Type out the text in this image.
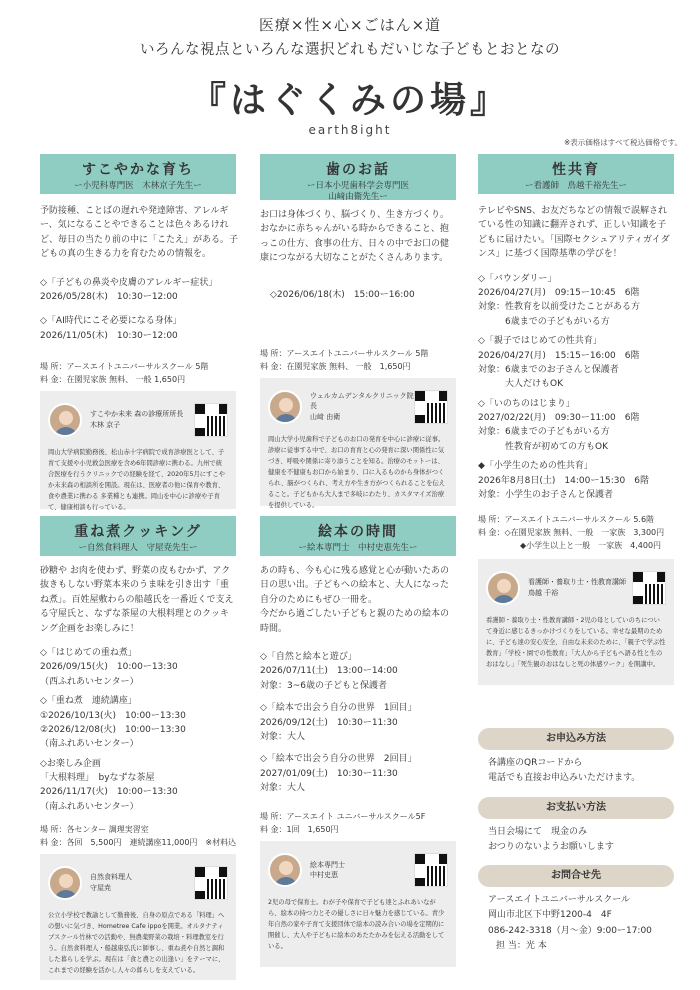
医療×性×心×ごはん×道
いろんな視点といろんな選択どれもだいじな子どもとおとなの
『はぐくみの場』
earth8ight
※表示価格はすべて税込価格です。
すこやかな育ち
ー小児科専門医　木林京子先生ー
予防接種、ことばの遅れや発達障害、アレルギー、気になることやできることは色々あるけれど、毎日の当たり前の中に「こたえ」がある。子どもの真の生きる力を育むための情報を。
◇「子どもの鼻炎や皮膚のアレルギー症状」
2026/05/28(木)　10:30ー12:00
◇「AI時代にこそ必要になる身体」
2026/11/05(木)　10:30ー12:00
場 所：アースエイトユニバーサルスクール 5階
料 金：在園児家族 無料、 一般 1,650円
すこやか未来 森の診療所所長
木林 京子
岡山大学病院勤務後、松山赤十字病院で成育診療医として、子育て支援や小児救急医療を含め6年間診療に携わる。九州で統合医療を行うクリニックでの経験を経て、2020年5月にすこやか未来森の相談所を開設。現在は、医療者の他に保育や教育、食や農業に携わる 多業種とも連携。岡山を中心に診療や子育て、健康相談も行っている。
歯のお話
ー日本小児歯科学会専門医
山﨑由衛先生ー
お口は身体づくり、脳づくり、生き方づくり。おなかに赤ちゃんがいる時からできること、抱っこの仕方、食事の仕方、日々の中でお口の健康につながる大切なことがたくさんあります。
◇2026/06/18(木)　15:00ー16:00
場 所：アースエイトユニバーサルスクール 5階
料 金：在園児家族 無料、 一般　1,650円
ウェルカムデンタルクリニック院長
山﨑 由衛
岡山大学小児歯科で子どものお口の発育を中心に診療に従事。診療に従事する中で、お口の育育と心の発育に深い関係性に気づき、呼吸や関係に寄り添うことを知る。治療のモットーは、健康を不健康もお口から始まり、口に入るものから身体がつくられ、脳がつくられ、考え方や生き方がつくられることを伝えること。子どもから大人まで多岐にわたり、カスタマイズ治療を提供している。
性共育
ー看護師　鳥越千裕先生ー
テレビやSNS、お友だちなどの情報で誤解されている性の知識に翻弄されず、正しい知識を子どもに届けたい。「国際セクシュアリティガイダンス」に基づく国際基準の学びを！
◇「バウンダリー」
2026/04/27(月)　09:15ー10:45　6階
対象：性教育を以前受けたことがある方
　　　6歳までの子どもがいる方
◇「親子ではじめての性共育」
2026/04/27(月)　15:15ー16:00　6階
対象：6歳までのお子さんと保護者
　　　大人だけもOK
◇「いのちのはじまり」
2027/02/22(月)　09:30ー11:00　6階
対象：6歳までの子どもがいる方
　　　性教育が初めての方もOK
◆「小学生のための性共育」
2026年8月8日(土)　14:00ー15:30　6階
対象：小学生のお子さんと保護者
場 所：アースエイトユニバーサルスクール 5.6階
料 金：◇在園児家族 無料、一般　一家族　3,300円
◆小学生以上と一般　一家族　4,400円
看護師・養取り士・性教育講師
鳥越 千裕
看護師・養取り士・性教育講師・2児の母としていのちについて身近に感じるきっかけづくりをしている。幸せな最期のために、子ども達の安心安全、自由な未来のために、「親子で学ぶ性教育」「学校・園での性教育」「大人から子どもへ語る性と生のおはなし」「死生観のおはなしと死の体感ワーク」を開講中。
重ね煮クッキング
ー自然食料理人　守屋尭先生ー
砂糖や お肉を使わず、野菜の皮もむかず、アク抜きもしない野菜本来のうま味を引き出す「重ね煮」。百姓屋敷わらの船越氏を一番近くで支える守屋氏と、なずな茶屋の大根料理とのクッキング企画をお楽しみに！
◇「はじめての重ね煮」
2026/09/15(火)　10:00ー13:30
（西ふれあいセンター）
◇「重ね煮　連続講座」
①2026/10/13(火)　10:00ー13:30
②2026/12/08(火)　10:00ー13:30
（南ふれあいセンター）
◇お楽しみ企画
「大根料理」　byなずな茶屋
2026/11/17(火)　10:00ー13:30
（南ふれあいセンター）
場 所：各センター 調理実習室
料 金：各回　5,500円　連続講座11,000円　※材料込
自然食料理人
守屋尭
公立小学校で教諭として勤務後、自身の原点である「料理」への想いに気づき、Hometree Cafe ippoを開業。オルタナティブスクール竹林での活動や、無農薬野菜の栽培・料理教室を行う。自然食料理人・船越康弘氏に師事し、重ね煮や自然と調和した暮らしを学ぶ。現在は「食と農との出逢い」をテーマに、これまでの経験を活かし人々の暮らしを支えている。
絵本の時間
ー絵本専門士　中村史恵先生ー
あの時も、今も心に残る感覚と心が動いたあの日の思い出。子どもへの絵本と、大人になった自分のためにもぜひ一冊を。
今だから過ごしたい子どもと親のための絵本の時間。
◇「自然と絵本と遊び」
2026/07/11(土)　13:00ー14:00
対象：3~6歳の子どもと保護者
◇「絵本で出会う自分の世界　1回目」
2026/09/12(土)　10:30ー11:30
対象：大人
◇「絵本で出会う自分の世界　2回目」
2027/01/09(土)　10:30ー11:30
対象：大人
場 所：アースエイト ユニバーサルスクール5F
料 金：1回　1,650円
絵本専門士
中村史恵
2児の母で保育士。わが子や保育で子ども達とふれあいながら、絵本の持つ力とその優しさに日々魅力を感じている。青少年自然の家や子育て支援団体で絵本の読み合いの場を定期的に開催し、大人や子どもに絵本のあたたかみを伝える活動をしている。
お申込み方法
各講座のQRコードから
電話でも直接お申込みいただけます。
お支払い方法
当日会場にて　現金のみ
おつりのないようお願いします
お問合せ先
アースエイトユニバーサルスクール
岡山市北区下中野1200-4　4F
086-242-3318（月〜金）9:00ー17:00
担 当：光 本
